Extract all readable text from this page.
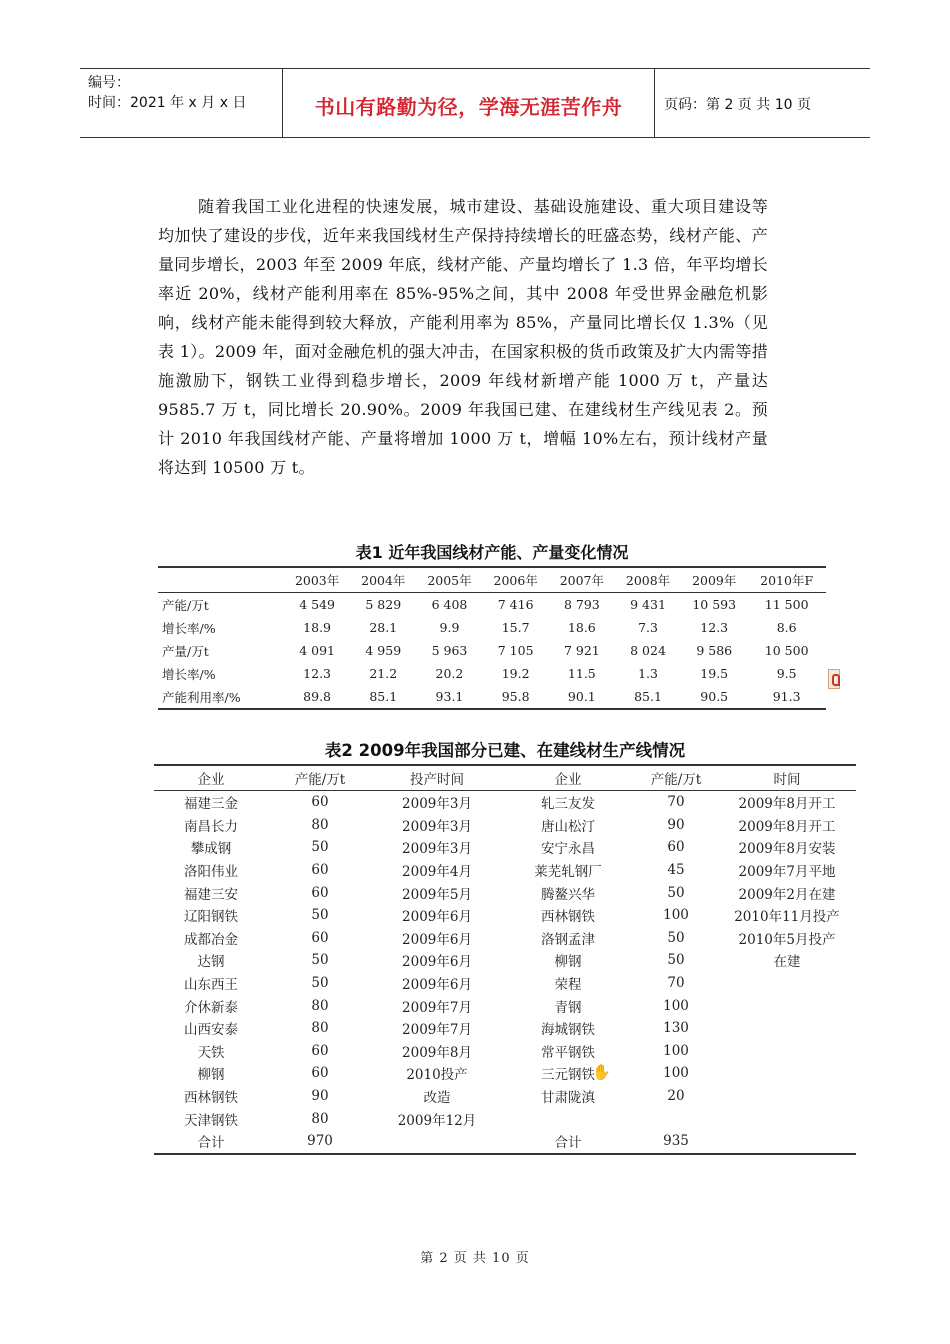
编号：
时间：2021 年 x 月 x 日	书山有路勤为径，学海无涯苦作舟	页码：第 2 页 共 10 页

随着我国工业化进程的快速发展，城市建设、基础设施建设、重大项目建设等均加快了建设的步伐，近年来我国线材生产保持持续增长的旺盛态势，线材产能、产量同步增长，2003 年至 2009 年底，线材产能、产量均增长了 1.3 倍，年平均增长率近 20%，线材产能利用率在 85%-95%之间，其中 2008 年受世界金融危机影响，线材产能未能得到较大释放，产能利用率为 85%，产量同比增长仅 1.3%（见表 1）。2009 年，面对金融危机的强大冲击，在国家积极的货币政策及扩大内需等措施激励下，钢铁工业得到稳步增长，2009 年线材新增产能 1000 万 t，产量达 9585.7 万 t，同比增长 20.90%。2009 年我国已建、在建线材生产线见表 2。预计 2010 年我国线材产能、产量将增加 1000 万 t，增幅 10%左右，预计线材产量将达到 10500 万 t。

表1 近年我国线材产能、产量变化情况
	2003年	2004年	2005年	2006年	2007年	2008年	2009年	2010年F
产能/万t	4 549	5 829	6 408	7 416	8 793	9 431	10 593	11 500
增长率/%	18.9	28.1	9.9	15.7	18.6	7.3	12.3	8.6
产量/万t	4 091	4 959	5 963	7 105	7 921	8 024	9 586	10 500
增长率/%	12.3	21.2	20.2	19.2	11.5	1.3	19.5	9.5
产能利用率/%	89.8	85.1	93.1	95.8	90.1	85.1	90.5	91.3
表2 2009年我国部分已建、在建线材生产线情况
企业	产能/万t	投产时间	企业	产能/万t	时间
福建三金	60	2009年3月	轧三友发	70	2009年8月开工
南昌长力	80	2009年3月	唐山松汀	90	2009年8月开工
攀成钢	50	2009年3月	安宁永昌	60	2009年8月安装
洛阳伟业	60	2009年4月	莱芜轧钢厂	45	2009年7月平地
福建三安	60	2009年5月	腾鳌兴华	50	2009年2月在建
辽阳钢铁	50	2009年6月	西林钢铁	100	2010年11月投产
成都冶金	60	2009年6月	洛钢孟津	50	2010年5月投产
达钢	50	2009年6月	柳钢	50	在建
山东西王	50	2009年6月	荣程	70	
介休新泰	80	2009年7月	青钢	100	
山西安泰	80	2009年7月	海城钢铁	130	
天铁	60	2009年8月	常平钢铁	100	
柳钢	60	2010投产	三元钢铁	100	
西林钢铁	90	改造	甘肃陇滇	20	
天津钢铁	80	2009年12月			
合计	970		合计	935	
✋
第 2 页 共 10 页
